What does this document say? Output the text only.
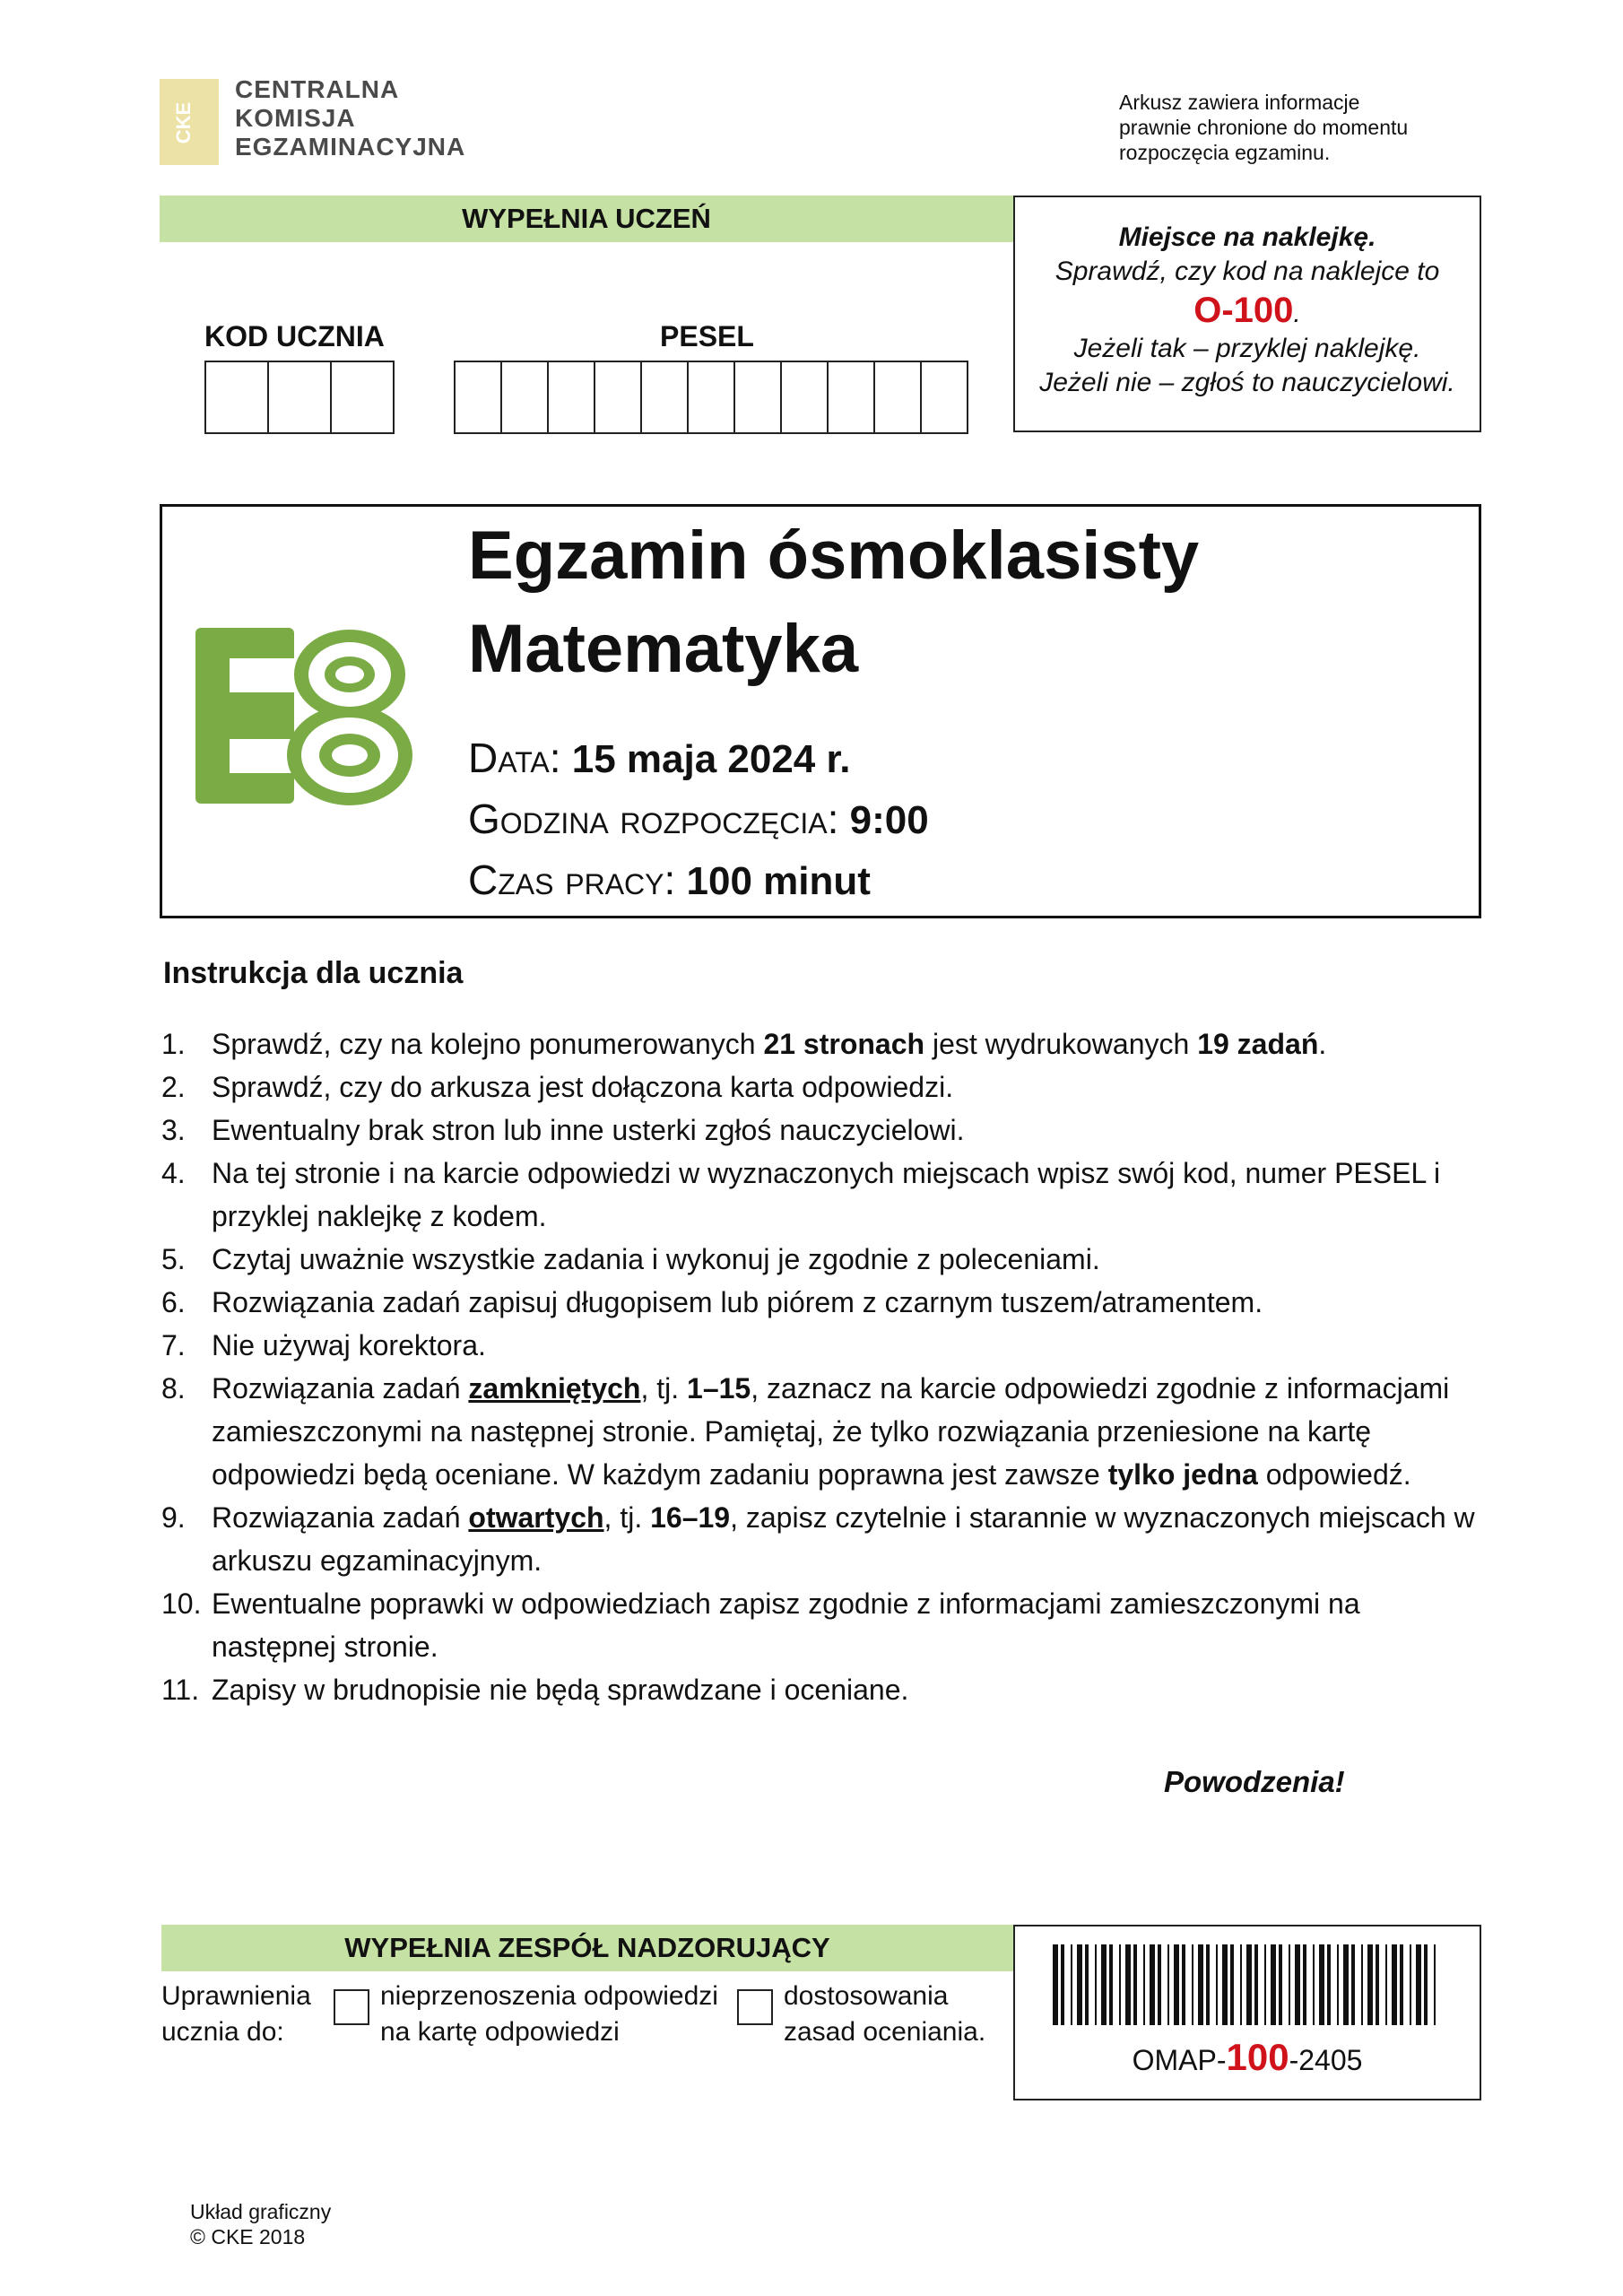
CKE
CENTRALNA
KOMISJA
EGZAMINACYJNA
Arkusz zawiera informacje
prawnie chronione do momentu
rozpoczęcia egzaminu.
WYPEŁNIA UCZEŃ
KOD UCZNIA	PESEL
Miejsce na naklejkę.
Sprawdź, czy kod na naklejce to
O-100.
Jeżeli tak – przyklej naklejkę.
Jeżeli nie – zgłoś to nauczycielowi.
Egzamin ósmoklasisty
Matematyka
Data: 15 maja 2024 r.
Godzina rozpoczęcia: 9:00
Czas pracy: 100 minut
Instrukcja dla ucznia
1. Sprawdź, czy na kolejno ponumerowanych 21 stronach jest wydrukowanych 19 zadań.
2. Sprawdź, czy do arkusza jest dołączona karta odpowiedzi.
3. Ewentualny brak stron lub inne usterki zgłoś nauczycielowi.
4. Na tej stronie i na karcie odpowiedzi w wyznaczonych miejscach wpisz swój kod, numer PESEL i przyklej naklejkę z kodem.
5. Czytaj uważnie wszystkie zadania i wykonuj je zgodnie z poleceniami.
6. Rozwiązania zadań zapisuj długopisem lub piórem z czarnym tuszem/atramentem.
7. Nie używaj korektora.
8. Rozwiązania zadań zamkniętych, tj. 1–15, zaznacz na karcie odpowiedzi zgodnie z informacjami zamieszczonymi na następnej stronie. Pamiętaj, że tylko rozwiązania przeniesione na kartę odpowiedzi będą oceniane. W każdym zadaniu poprawna jest zawsze tylko jedna odpowiedź.
9. Rozwiązania zadań otwartych, tj. 16–19, zapisz czytelnie i starannie w wyznaczonych miejscach w arkuszu egzaminacyjnym.
10. Ewentualne poprawki w odpowiedziach zapisz zgodnie z informacjami zamieszczonymi na następnej stronie.
11. Zapisy w brudnopisie nie będą sprawdzane i oceniane.
Powodzenia!
WYPEŁNIA ZESPÓŁ NADZORUJĄCY
Uprawnienia
ucznia do:
nieprzenoszenia odpowiedzi
na kartę odpowiedzi
dostosowania
zasad oceniania.
OMAP-100-2405
Układ graficzny
© CKE 2018
